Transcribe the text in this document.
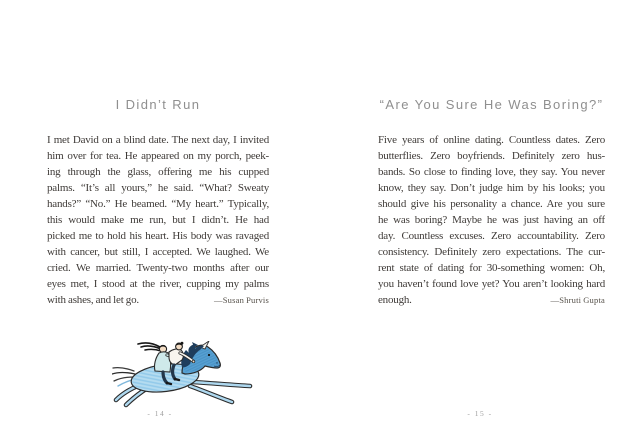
I Didn’t Run
I met David on a blind date. The next day, I invited
him over for tea. He appeared on my porch, peek-
ing through the glass, offering me his cupped
palms. “It’s all yours,” he said. “What? Sweaty
hands?” “No.” He beamed. “My heart.” Typically,
this would make me run, but I didn’t. He had
picked me to hold his heart. His body was ravaged
with cancer, but still, I accepted. We laughed. We
cried. We married. Twenty-two months after our
eyes met, I stood at the river, cupping my palms
with ashes, and let go.	—Susan Purvis
- 14 -
“Are You Sure He Was Boring?”
Five years of online dating. Countless dates. Zero
butterflies. Zero boyfriends. Definitely zero hus-
bands. So close to finding love, they say. You never
know, they say. Don’t judge him by his looks; you
should give his personality a chance. Are you sure
he was boring? Maybe he was just having an off
day. Countless excuses. Zero accountability. Zero
consistency. Definitely zero expectations. The cur-
rent state of dating for 30-something women: Oh,
you haven’t found love yet? You aren’t looking hard
enough.	—Shruti Gupta
- 15 -
